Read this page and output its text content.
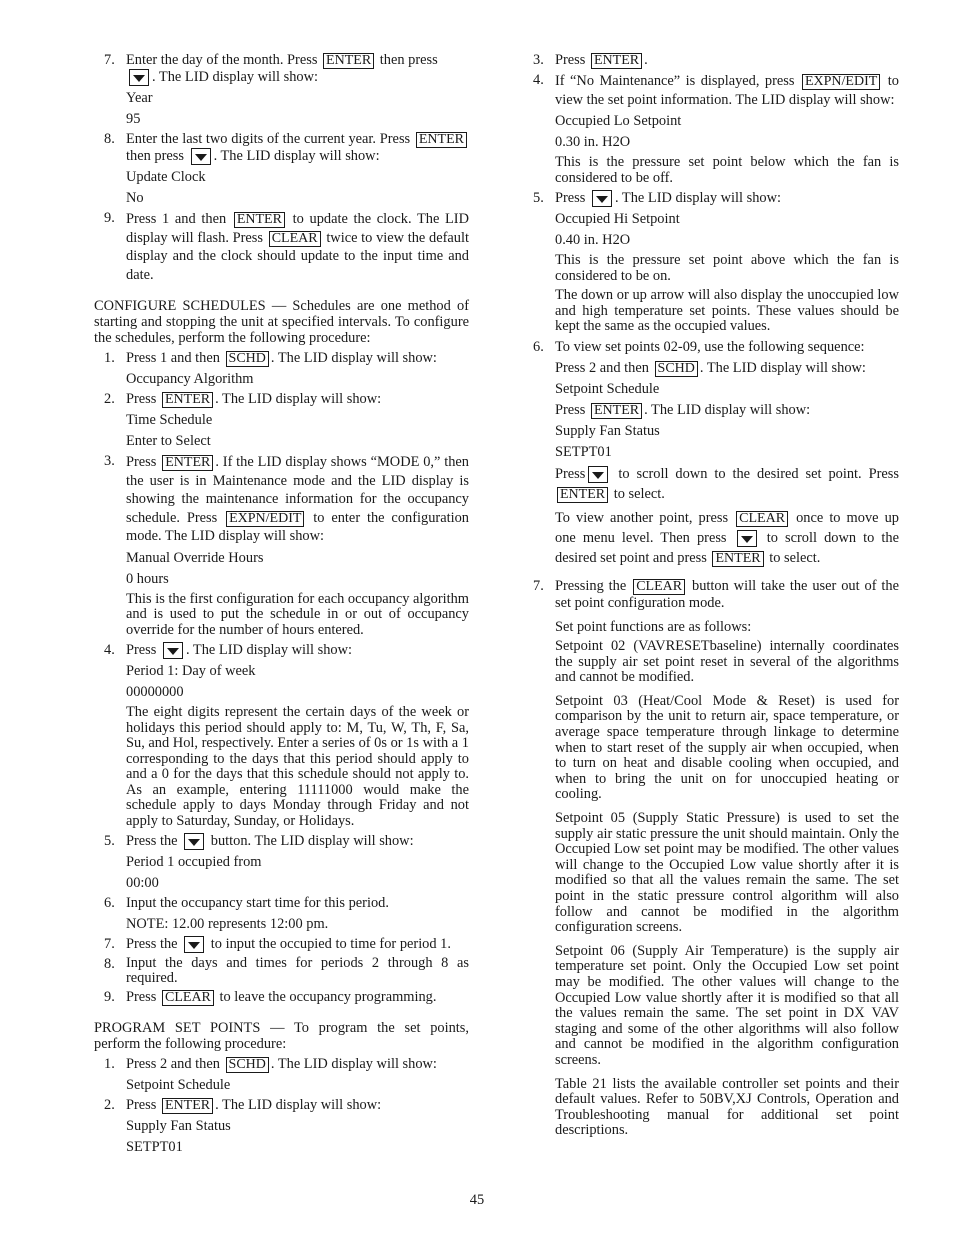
7. Enter the day of the month. Press ENTER then press
. The LID display will show:

Year
95
8. Enter the last two digits of the current year. Press ENTER then press . The LID display will show:

Update Clock
No
9. Press 1 and then ENTER to update the clock. The LID display will flash. Press CLEAR twice to view the default display and the clock should update to the input time and date.

CONFIGURE SCHEDULES — Schedules are one method of starting and stopping the unit at specified intervals. To configure the schedules, perform the following procedure:

1. Press 1 and then SCHD . The LID display will show:

Occupancy Algorithm
2. Press ENTER . The LID display will show:

Time Schedule
Enter to Select
3. Press ENTER . If the LID display shows “MODE 0,” then the user is in Maintenance mode and the LID display is showing the maintenance information for the occupancy schedule. Press EXPN/EDIT to enter the configuration mode. The LID display will show:

Manual Override Hours
0 hours
This is the first configuration for each occupancy algorithm and is used to put the schedule in or out of occupancy override for the number of hours entered.
4. Press . The LID display will show:

Period 1: Day of week
00000000
The eight digits represent the certain days of the week or holidays this period should apply to: M, Tu, W, Th, F, Sa, Su, and Hol, respectively. Enter a series of 0s or 1s with a 1 corresponding to the days that this period should apply to and a 0 for the days that this schedule should not apply to. As an example, entering 11111000 would make the schedule apply to days Monday through Friday and not apply to Saturday, Sunday, or Holidays.
5. Press the button. The LID display will show:

Period 1 occupied from
00:00
6. Input the occupancy start time for this period.

NOTE: 12.00 represents 12:00 pm.
7. Press the to input the occupied to time for period 1.

8. Input the days and times for periods 2 through 8 as required.

9. Press CLEAR to leave the occupancy programming.

PROGRAM SET POINTS — To program the set points, perform the following procedure:

1. Press 2 and then SCHD . The LID display will show:

Setpoint Schedule
2. Press ENTER . The LID display will show:

Supply Fan Status
SETPT01
3. Press ENTER .

4. If “No Maintenance” is displayed, press EXPN/EDIT to view the set point information. The LID display will show:

Occupied Lo Setpoint
0.30 in. H2O
This is the pressure set point below which the fan is considered to be off.
5. Press . The LID display will show:

Occupied Hi Setpoint
0.40 in. H2O
This is the pressure set point above which the fan is considered to be on.
The down or up arrow will also display the unoccupied low and high temperature set points. These values should be kept the same as the occupied values.
6. To view set points 02-09, use the following sequence:

Press 2 and then SCHD . The LID display will show:
Setpoint Schedule
Press ENTER . The LID display will show:
Supply Fan Status
SETPT01

Press to scroll down to the desired set point. Press ENTER to select.

To view another point, press CLEAR once to move up one menu level. Then press	to scroll down to the desired set point and press ENTER to select.

7. Pressing the CLEAR button will take the user out of the set point configuration mode.

Set point functions are as follows:
Setpoint 02 (VAVRESETbaseline) internally coordinates the supply air set point reset in several of the algorithms and cannot be modified.
Setpoint 03 (Heat/Cool Mode & Reset) is used for comparison by the unit to return air, space temperature, or average space temperature through linkage to determine when to start reset of the supply air when occupied, when to turn on heat and disable cooling when occupied, and when to bring the unit on for unoccupied heating or cooling.
Setpoint 05 (Supply Static Pressure) is used to set the supply air static pressure the unit should maintain. Only the Occupied Low set point may be modified. The other values will change to the Occupied Low value shortly after it is modified so that all the values remain the same. The set point in the static pressure control algorithm will also follow and cannot be modified in the algorithm configuration screens.
Setpoint 06 (Supply Air Temperature) is the supply air temperature set point. Only the Occupied Low set point may be modified. The other values will change to the Occupied Low value shortly after it is modified so that all the values remain the same. The set point in DX VAV staging and some of the other algorithms will also follow and cannot be modified in the algorithm configuration screens.
Table 21 lists the available controller set points and their default values. Refer to 50BV,XJ Controls, Operation and Troubleshooting manual for additional set point descriptions.
45
